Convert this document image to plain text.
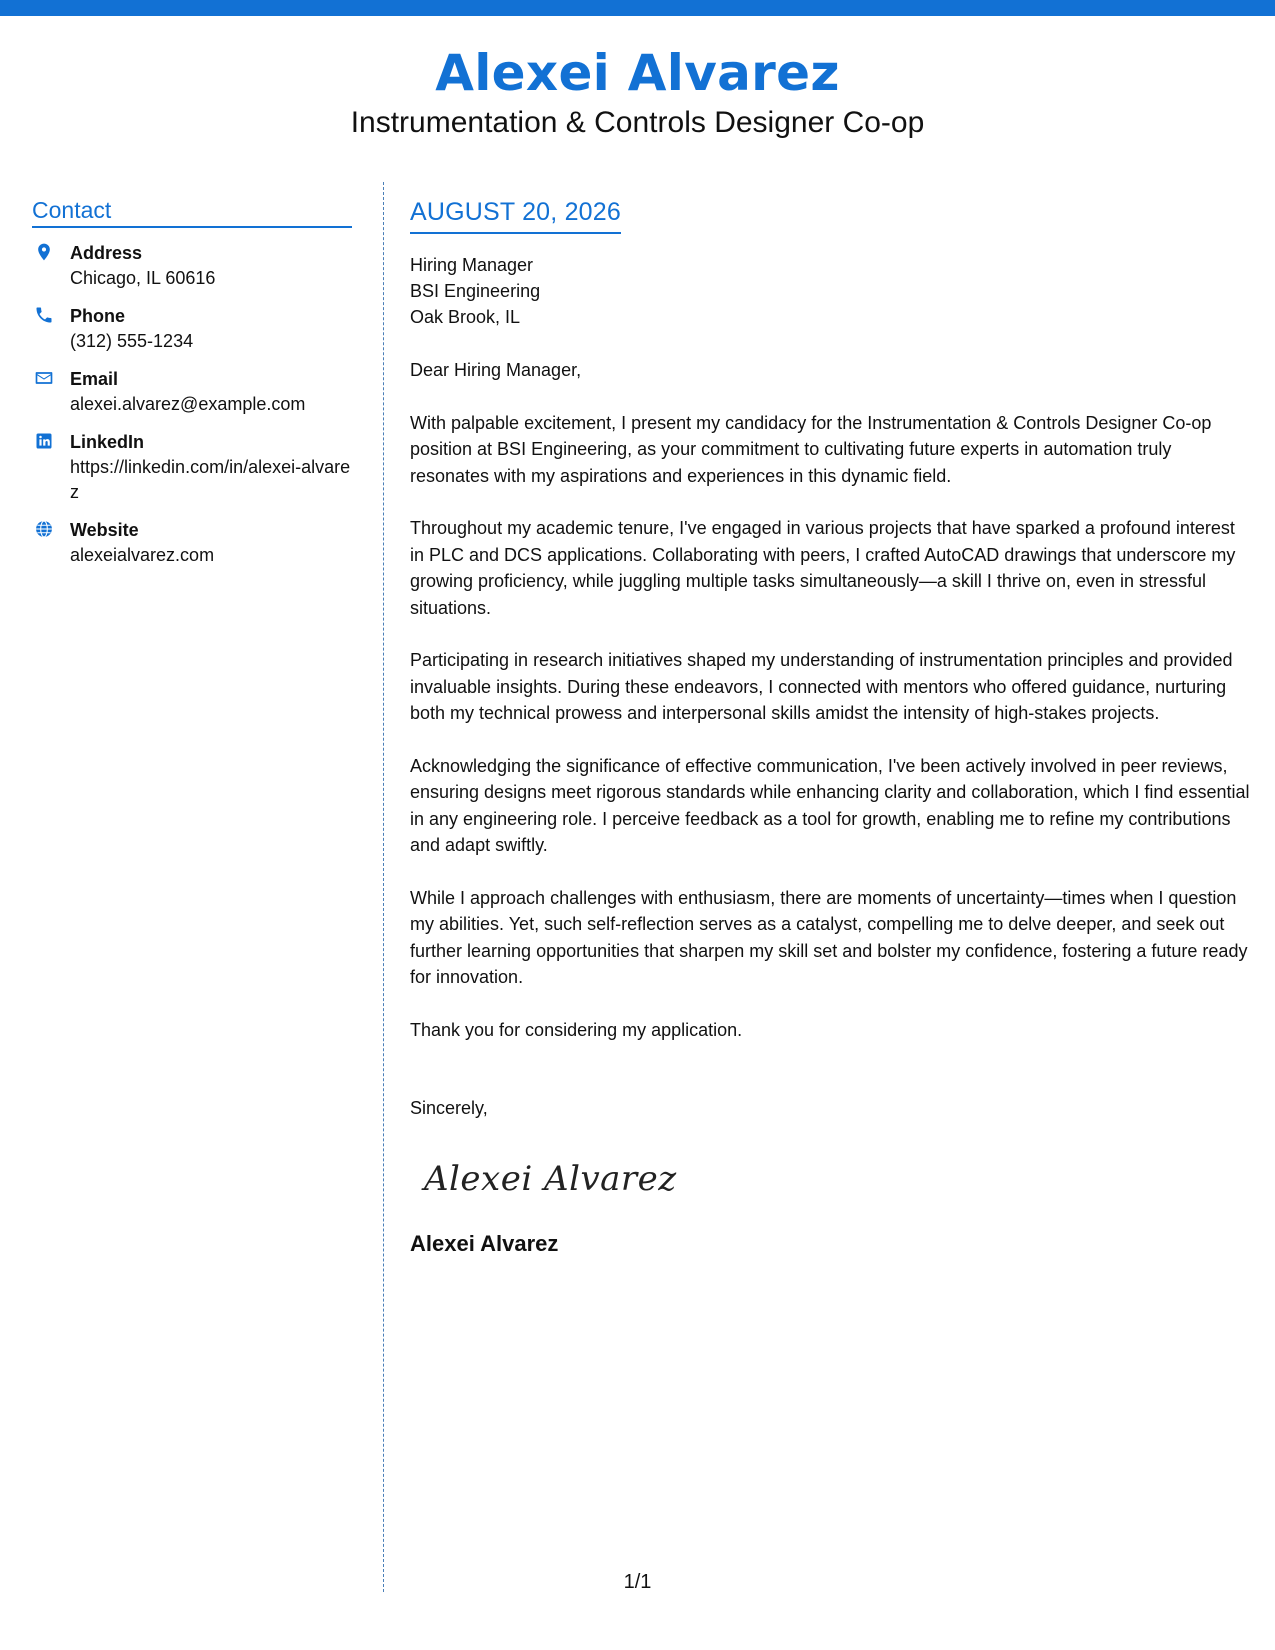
Alexei Alvarez
Instrumentation & Controls Designer Co-op
Contact
Address
Chicago, IL 60616
Phone
(312) 555-1234
Email
alexei.alvarez@example.com
LinkedIn
https://linkedin.com/in/alexei-alvarez
Website
alexeialvarez.com
AUGUST 20, 2026
Hiring Manager
BSI Engineering
Oak Brook, IL
Dear Hiring Manager,
With palpable excitement, I present my candidacy for the Instrumentation & Controls Designer Co-op position at BSI Engineering, as your commitment to cultivating future experts in automation truly resonates with my aspirations and experiences in this dynamic field.
Throughout my academic tenure, I've engaged in various projects that have sparked a profound interest in PLC and DCS applications. Collaborating with peers, I crafted AutoCAD drawings that underscore my growing proficiency, while juggling multiple tasks simultaneously—a skill I thrive on, even in stressful situations.
Participating in research initiatives shaped my understanding of instrumentation principles and provided invaluable insights. During these endeavors, I connected with mentors who offered guidance, nurturing both my technical prowess and interpersonal skills amidst the intensity of high-stakes projects.
Acknowledging the significance of effective communication, I've been actively involved in peer reviews, ensuring designs meet rigorous standards while enhancing clarity and collaboration, which I find essential in any engineering role. I perceive feedback as a tool for growth, enabling me to refine my contributions and adapt swiftly.
While I approach challenges with enthusiasm, there are moments of uncertainty—times when I question my abilities. Yet, such self-reflection serves as a catalyst, compelling me to delve deeper, and seek out further learning opportunities that sharpen my skill set and bolster my confidence, fostering a future ready for innovation.
Thank you for considering my application.
Sincerely,
Alexei Alvarez
Alexei Alvarez
1/1
